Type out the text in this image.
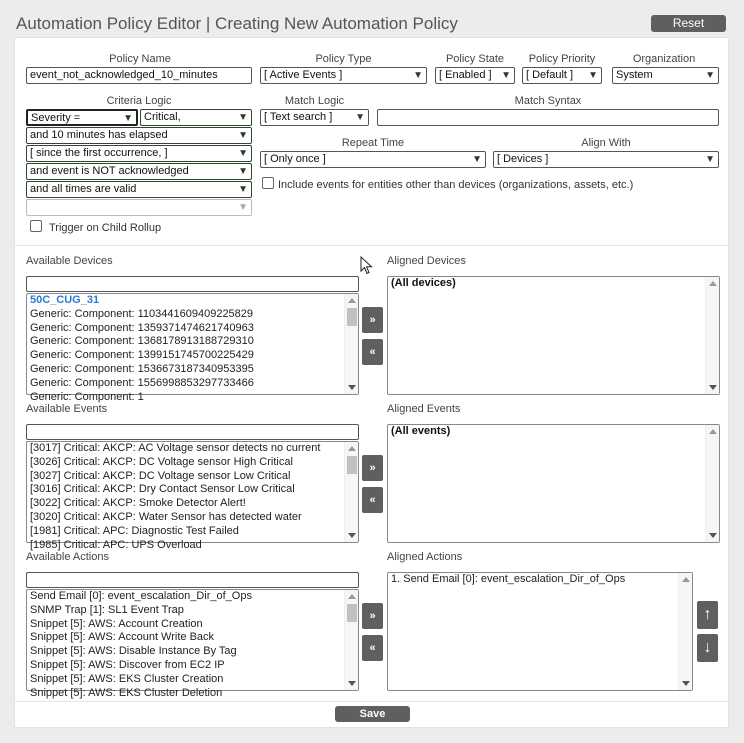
Automation Policy Editor | Creating New Automation Policy	Reset
Policy Name	Policy Type	Policy State	Policy Priority	Organization
event_not_acknowledged_10_minutes	[ Active Events ]	▼	[ Enabled ] ▼	[ Default ] ▼	System	▼
Criteria Logic
Severity =	▼	Critical,	▼
and 10 minutes has elapsed	▼
[ since the first occurrence, ]	▼
and event is NOT acknowledged	▼
and all times are valid	▼
▼
Trigger on Child Rollup
Match Logic
[ Text search ] ▼
Match Syntax
Repeat Time
[ Only once ]	▼
Align With
[ Devices ]	▼
Include events for entities other than devices (organizations, assets, etc.)
Available Devices	Aligned Devices
50C_CUG_31
Generic: Component: 1103441609409225829
Generic: Component: 1359371474621740963
Generic: Component: 1368178913188729310
Generic: Component: 1399151745700225429
Generic: Component: 1536673187340953395
Generic: Component: 1556998853297733466
Generic: Component: 1
»
«
(All devices)
Available Events	Aligned Events
[3017] Critical: AKCP: AC Voltage sensor detects no current
[3026] Critical: AKCP: DC Voltage sensor High Critical
[3027] Critical: AKCP: DC Voltage sensor Low Critical
[3016] Critical: AKCP: Dry Contact Sensor Low Critical
[3022] Critical: AKCP: Smoke Detector Alert!
[3020] Critical: AKCP: Water Sensor has detected water
[1981] Critical: APC: Diagnostic Test Failed
[1985] Critical: APC: UPS Overload
»
«
(All events)
Available Actions	Aligned Actions
Send Email [0]: event_escalation_Dir_of_Ops
SNMP Trap [1]: SL1 Event Trap
Snippet [5]: AWS: Account Creation
Snippet [5]: AWS: Account Write Back
Snippet [5]: AWS: Disable Instance By Tag
Snippet [5]: AWS: Discover from EC2 IP
Snippet [5]: AWS: EKS Cluster Creation
Snippet [5]: AWS: EKS Cluster Deletion
»
«
1. Send Email [0]: event_escalation_Dir_of_Ops
↑
↓
Save
